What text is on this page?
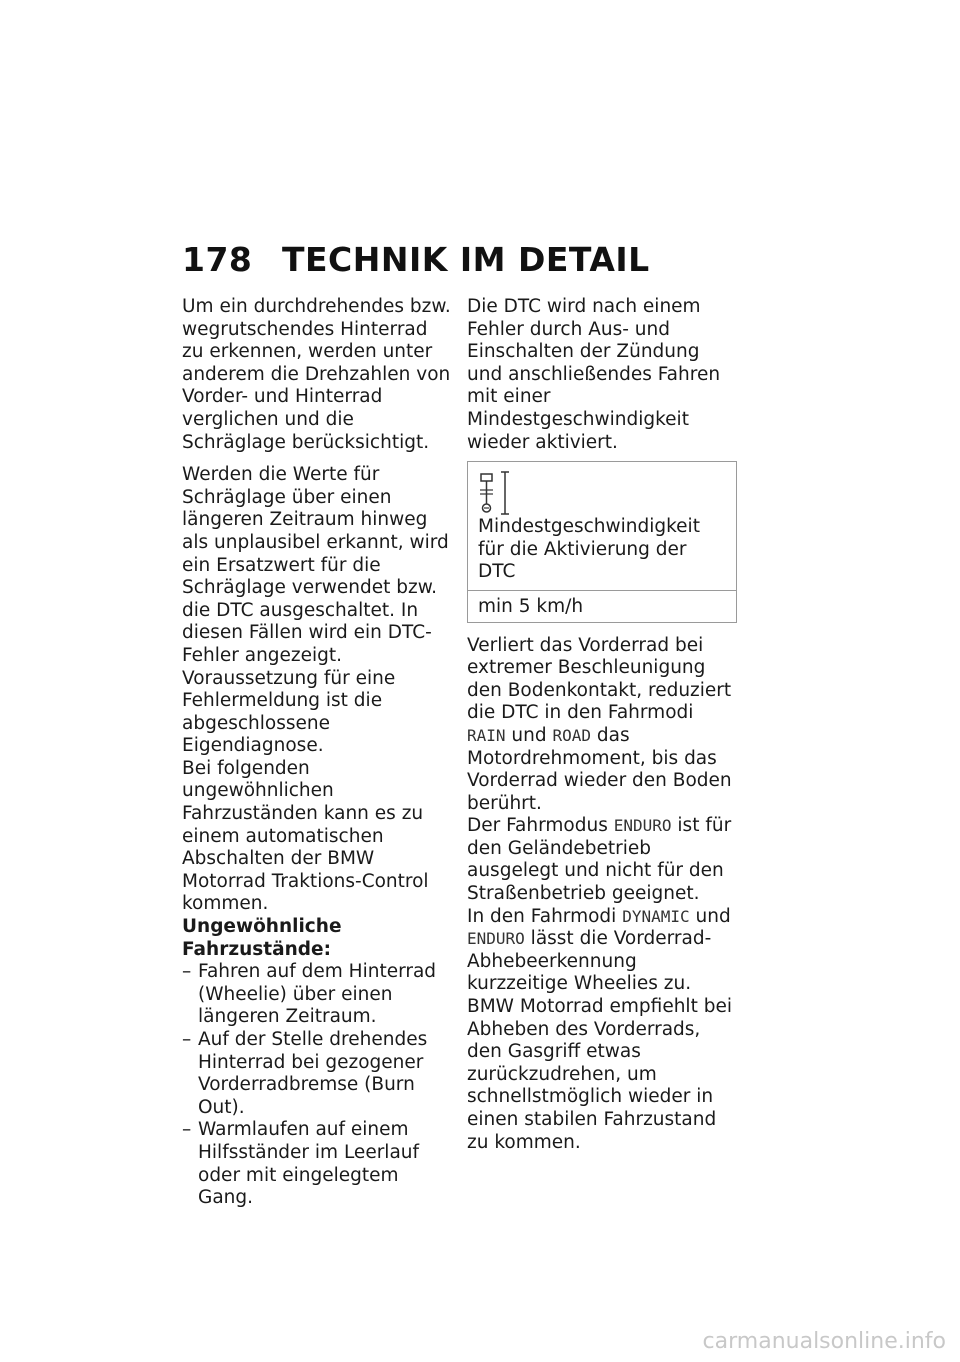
178 TECHNIK IM DETAIL

Um ein durchdrehendes bzw. wegrutschendes Hinterrad zu erkennen, werden unter anderem die Drehzahlen von Vorder- und Hinterrad verglichen und die Schräglage berücksichtigt.

Werden die Werte für Schräglage über einen längeren Zeitraum hinweg als unplausibel erkannt, wird ein Ersatzwert für die Schräglage verwendet bzw. die DTC ausgeschaltet. In diesen Fällen wird ein DTC-Fehler angezeigt. Voraussetzung für eine Fehlermeldung ist die abgeschlossene Eigendiagnose.

Bei folgenden ungewöhnlichen Fahrzuständen kann es zu einem automatischen Abschalten der BMW Motorrad Traktions-Control kommen.

Ungewöhnliche Fahrzustände:

– Fahren auf dem Hinterrad (Wheelie) über einen längeren Zeitraum.
– Auf der Stelle drehendes Hinterrad bei gezogener Vorderradbremse (Burn Out).
– Warmlaufen auf einem Hilfsständer im Leerlauf oder mit eingelegtem Gang.

Die DTC wird nach einem Fehler durch Aus- und Einschalten der Zündung und anschließendes Fahren mit einer Mindestgeschwindigkeit wieder aktiviert.

Mindestgeschwindigkeit für die Aktivierung der DTC
min 5 km/h

Verliert das Vorderrad bei extremer Beschleunigung den Bodenkontakt, reduziert die DTC in den Fahrmodi RAIN und ROAD das Motordrehmoment, bis das Vorderrad wieder den Boden berührt.

Der Fahrmodus ENDURO ist für den Geländebetrieb ausgelegt und nicht für den Straßenbetrieb geeignet.

In den Fahrmodi DYNAMIC und ENDURO lässt die Vorderrad-Abhebeerkennung kurzzeitige Wheelies zu.

BMW Motorrad empfiehlt bei Abheben des Vorderrads, den Gasgriff etwas zurückzudrehen, um schnellstmöglich wieder in einen stabilen Fahrzustand zu kommen.

carmanualsonline.info
